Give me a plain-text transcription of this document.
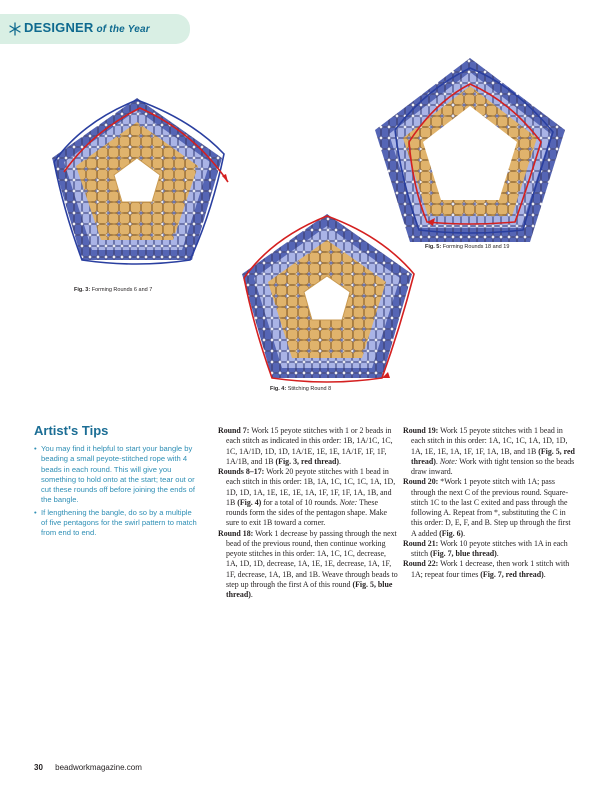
DESIGNER of the Year
Fig. 3: Forming Rounds 6 and 7
Fig. 4: Stitching Round 8
Fig. 5: Forming Rounds 18 and 19
Artist's Tips
• You may find it helpful to start your bangle by beading a small peyote-stitched rope with 4 beads in each round. This will give you something to hold onto at the start; tear out or cut these rounds off before joining the ends of the bangle.
• If lengthening the bangle, do so by a multiple of five pentagons for the swirl pattern to match from end to end.

Round 7: Work 15 peyote stitches with 1 or 2 beads in each stitch as indicated in this order: 1B, 1A/1C, 1C, 1C, 1A/1D, 1D, 1D, 1A/1E, 1E, 1E, 1A/1F, 1F, 1F, 1A/1B, and 1B (Fig. 3, red thread).

Rounds 8–17: Work 20 peyote stitches with 1 bead in each stitch in this order: 1B, 1A, 1C, 1C, 1C, 1A, 1D, 1D, 1D, 1A, 1E, 1E, 1E, 1A, 1F, 1F, 1F, 1A, 1B, and 1B (Fig. 4) for a total of 10 rounds. Note: These rounds form the sides of the pentagon shape. Make sure to exit 1B toward a corner.

Round 18: Work 1 decrease by passing through the next bead of the previous round, then continue working peyote stitches in this order: 1A, 1C, 1C, decrease, 1A, 1D, 1D, decrease, 1A, 1E, 1E, decrease, 1A, 1F, 1F, decrease, 1A, 1B, and 1B. Weave through beads to step up through the first A of this round (Fig. 5, blue thread).

Round 19: Work 15 peyote stitches with 1 bead in each stitch in this order: 1A, 1C, 1C, 1A, 1D, 1D, 1A, 1E, 1E, 1A, 1F, 1F, 1A, 1B, and 1B (Fig. 5, red thread). Note: Work with tight tension so the beads draw inward.

Round 20: *Work 1 peyote stitch with 1A; pass through the next C of the previous round. Square-stitch 1C to the last C exited and pass through the following A. Repeat from *, substituting the C in this order: D, E, F, and B. Step up through the first A added (Fig. 6).

Round 21: Work 10 peyote stitches with 1A in each stitch (Fig. 7, blue thread).

Round 22: Work 1 decrease, then work 1 stitch with 1A; repeat four times (Fig. 7, red thread).

30 beadworkmagazine.com
